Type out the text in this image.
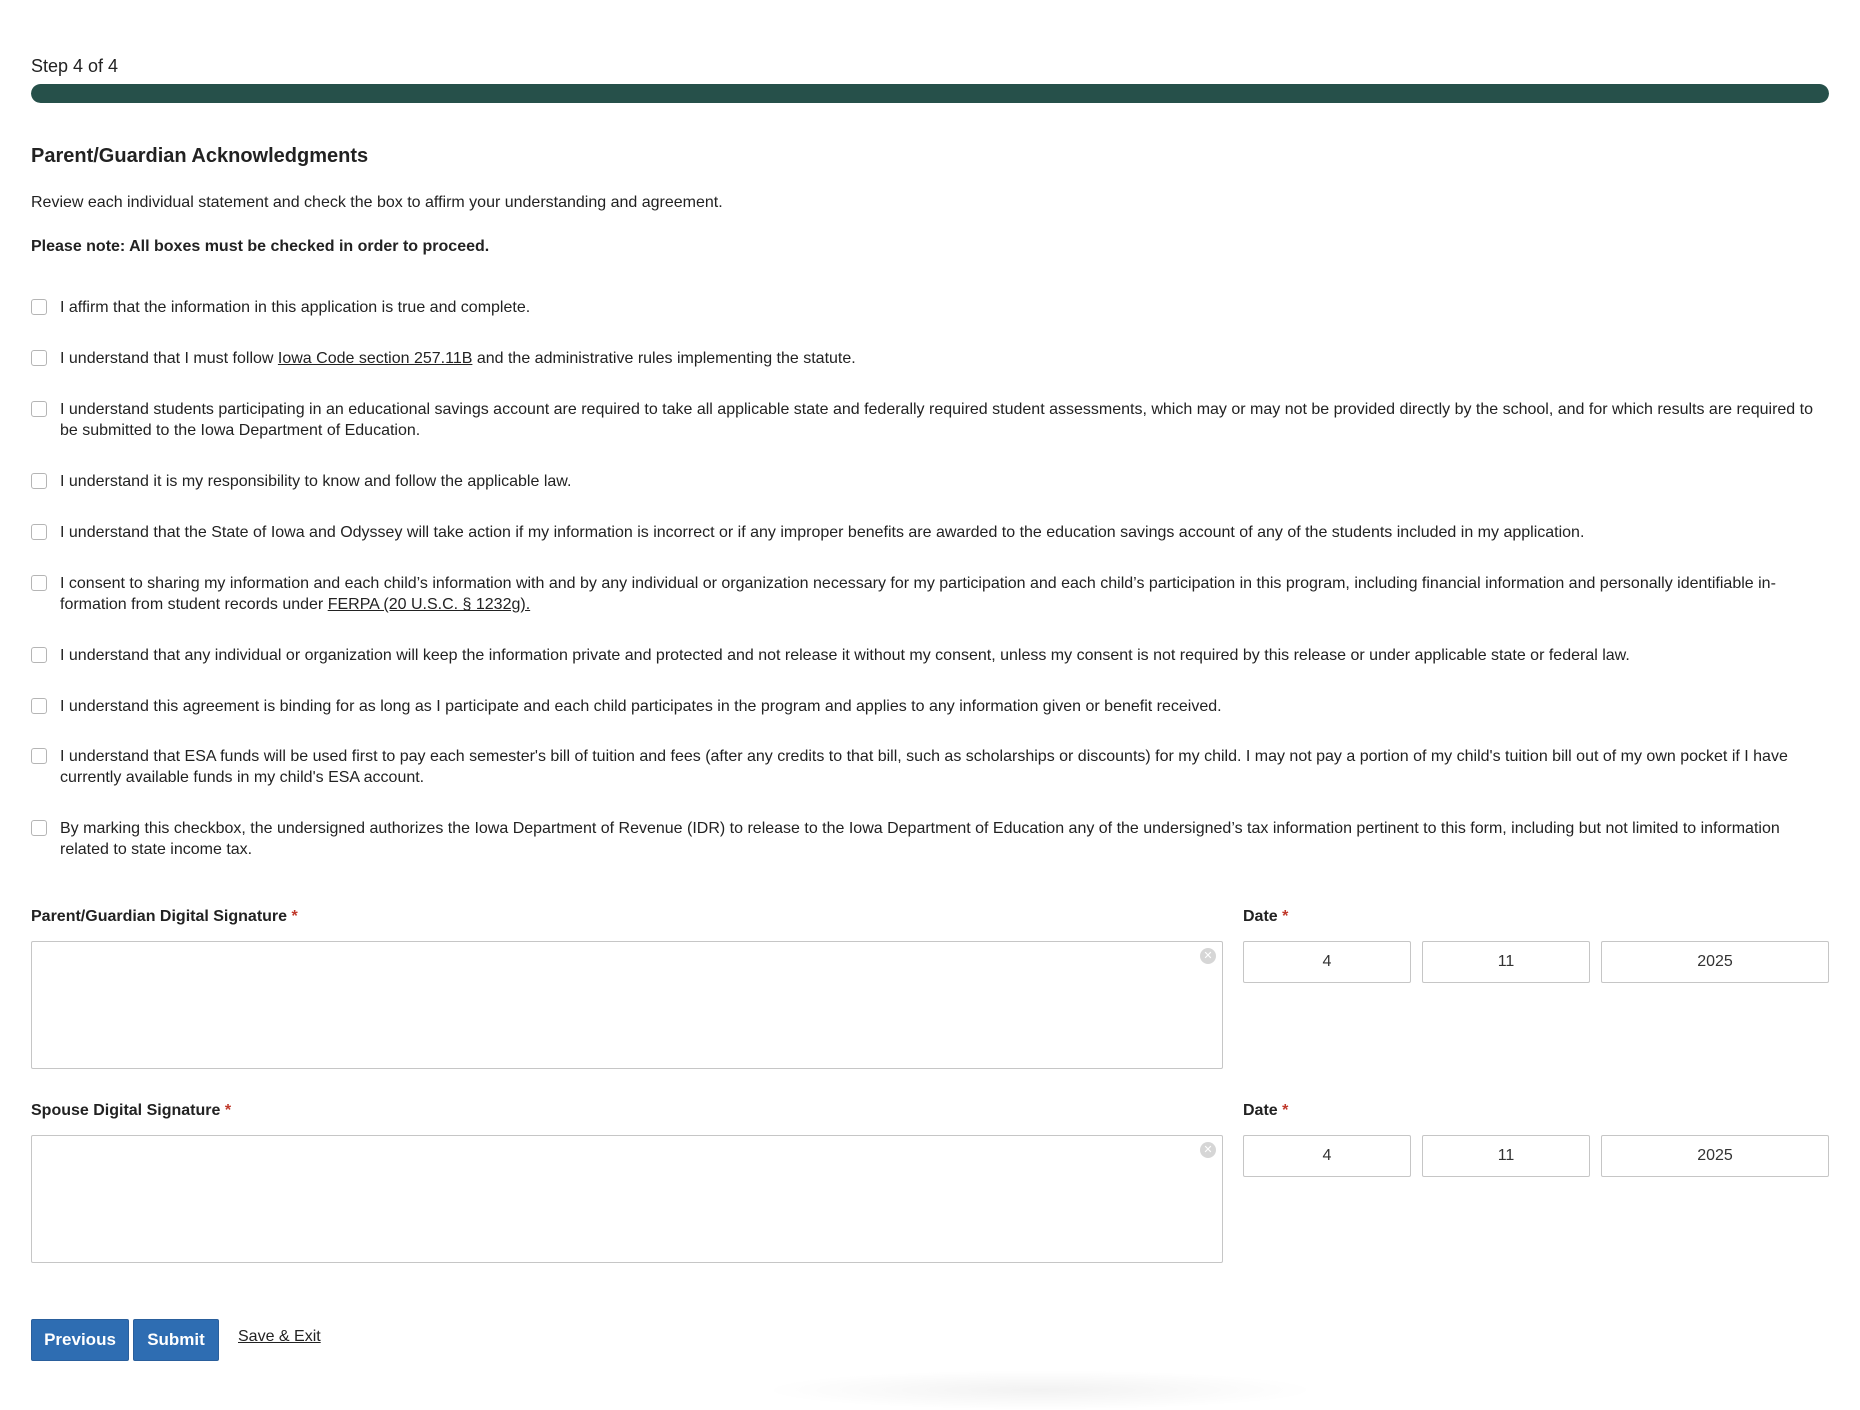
Step 4 of 4
Parent/Guardian Acknowledgments
Review each individual statement and check the box to affirm your understanding and agreement.
Please note: All boxes must be checked in order to proceed.
I affirm that the information in this application is true and complete.
I understand that I must follow Iowa Code section 257.11B and the administrative rules implementing the statute.
I understand students participating in an educational savings account are required to take all applicable state and federally required student assessments, which may or may not be provided directly by the school, and for which results are required to be submitted to the Iowa Department of Education.
I understand it is my responsibility to know and follow the applicable law.
I understand that the State of Iowa and Odyssey will take action if my information is incorrect or if any improper benefits are awarded to the education savings account of any of the students included in my application.
I consent to sharing my information and each child’s information with and by any individual or organization necessary for my participation and each child’s participation in this program, including financial information and personally identifiable information from student records under FERPA (20 U.S.C. § 1232g).
I understand that any individual or organization will keep the information private and protected and not release it without my consent, unless my consent is not required by this release or under applicable state or federal law.
I understand this agreement is binding for as long as I participate and each child participates in the program and applies to any information given or benefit received.
I understand that ESA funds will be used first to pay each semester's bill of tuition and fees (after any credits to that bill, such as scholarships or discounts) for my child. I may not pay a portion of my child's tuition bill out of my own pocket if I have currently available funds in my child's ESA account.
By marking this checkbox, the undersigned authorizes the Iowa Department of Revenue (IDR) to release to the Iowa Department of Education any of the undersigned’s tax information pertinent to this form, including but not limited to information related to state income tax.
Parent/Guardian Digital Signature *
✕
Date *
4
11
2025
Spouse Digital Signature *
✕
Date *
4
11
2025
Previous	Submit	Save & Exit
